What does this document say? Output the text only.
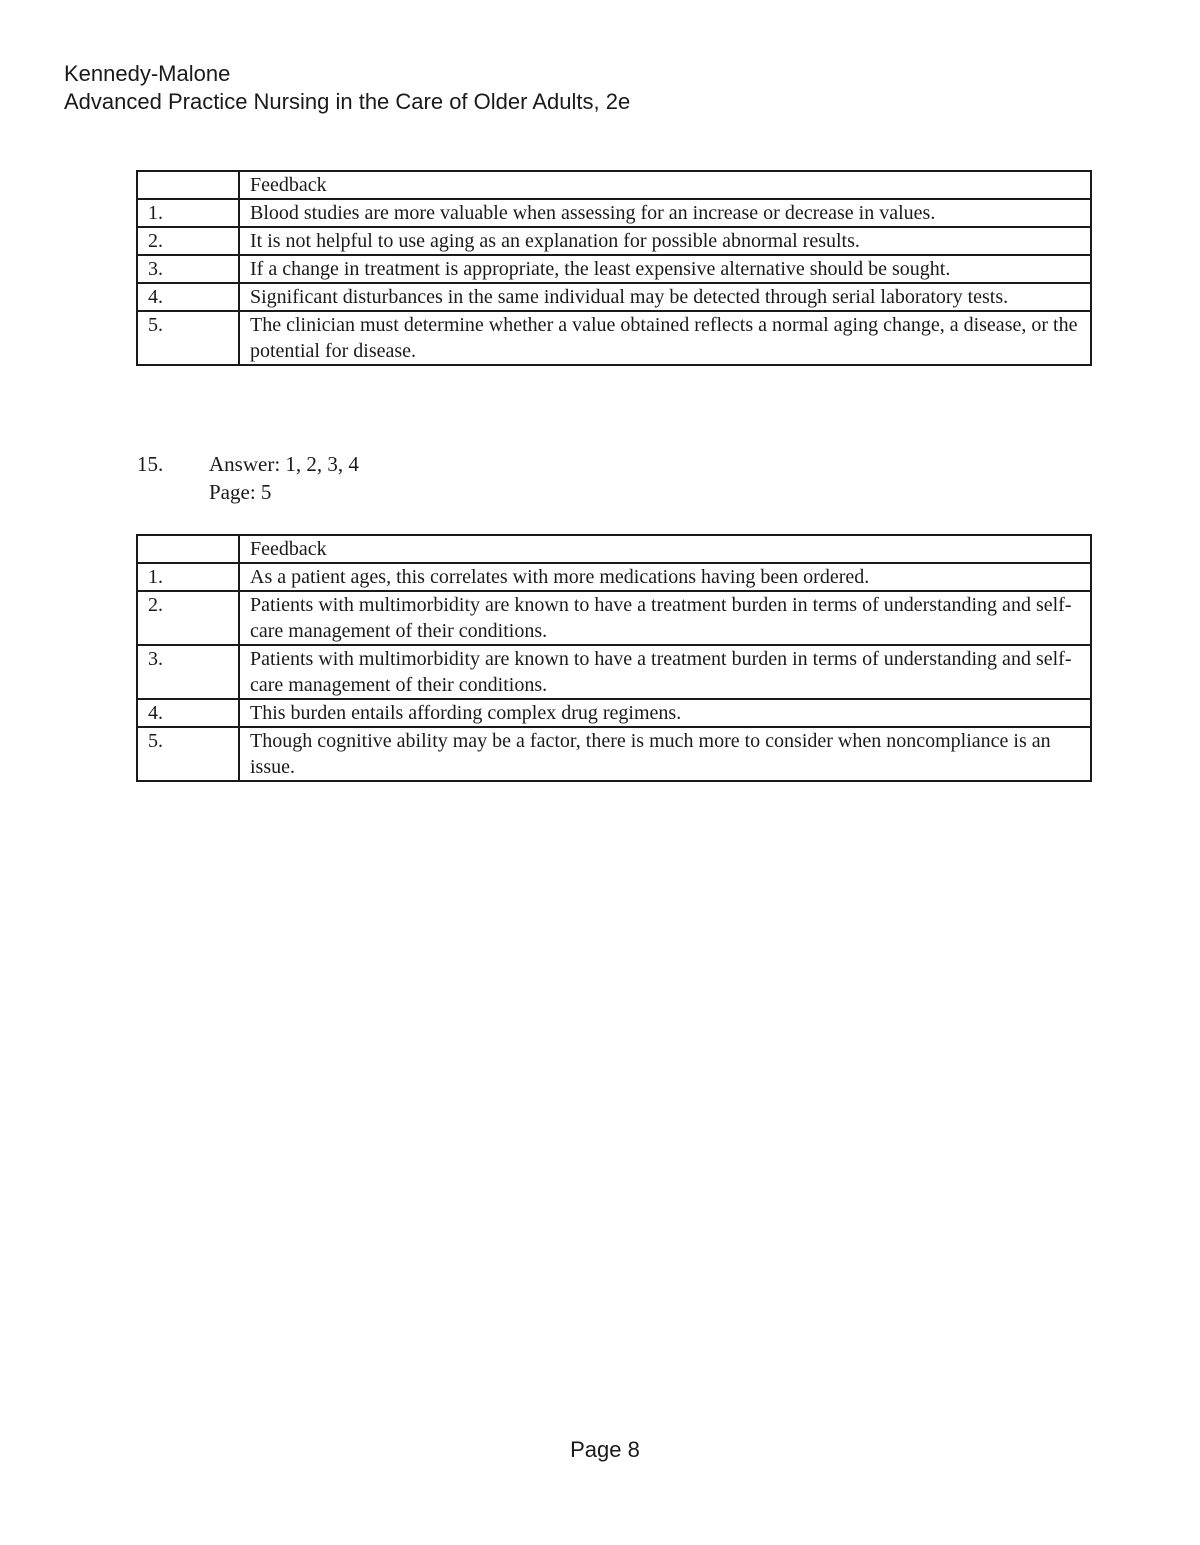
Kennedy-Malone
Advanced Practice Nursing in the Care of Older Adults, 2e
	Feedback
1.	Blood studies are more valuable when assessing for an increase or decrease in values.
2.	It is not helpful to use aging as an explanation for possible abnormal results.
3.	If a change in treatment is appropriate, the least expensive alternative should be sought.
4.	Significant disturbances in the same individual may be detected through serial laboratory tests.
5.	The clinician must determine whether a value obtained reflects a normal aging change, a disease, or the potential for disease.
15. Answer: 1, 2, 3, 4
Page: 5
	Feedback
1.	As a patient ages, this correlates with more medications having been ordered.
2.	Patients with multimorbidity are known to have a treatment burden in terms of understanding and self-care management of their conditions.
3.	Patients with multimorbidity are known to have a treatment burden in terms of understanding and self-care management of their conditions.
4.	This burden entails affording complex drug regimens.
5.	Though cognitive ability may be a factor, there is much more to consider when noncompliance is an issue.
Page 8
